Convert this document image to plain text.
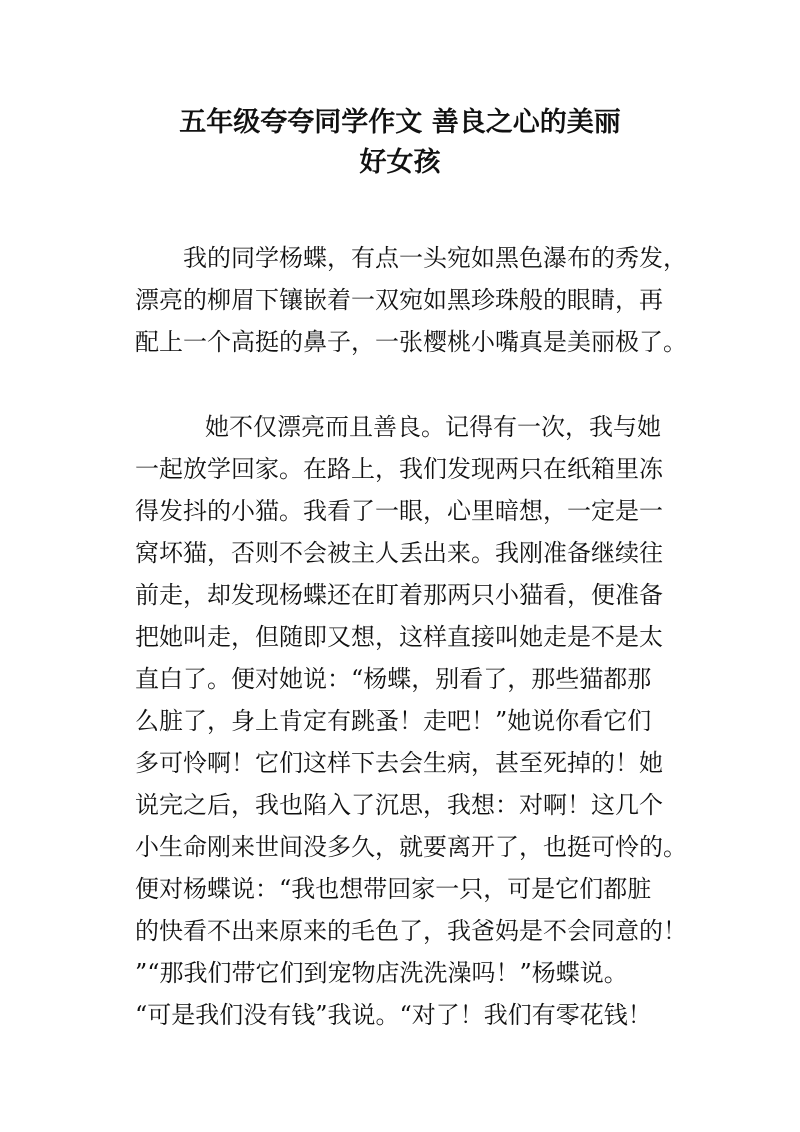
五年级夸夸同学作文 善良之心的美丽
好女孩

我的同学杨蝶，有点一头宛如黑色瀑布的秀发，

漂亮的柳眉下镶嵌着一双宛如黑珍珠般的眼睛，再

配上一个高挺的鼻子，一张樱桃小嘴真是美丽极了。

她不仅漂亮而且善良。记得有一次，我与她

一起放学回家。在路上，我们发现两只在纸箱里冻

得发抖的小猫。我看了一眼，心里暗想，一定是一

窝坏猫，否则不会被主人丢出来。我刚准备继续往

前走，却发现杨蝶还在盯着那两只小猫看，便准备

把她叫走，但随即又想，这样直接叫她走是不是太

直白了。便对她说：“杨蝶，别看了，那些猫都那

么脏了，身上肯定有跳蚤！走吧！”她说你看它们

多可怜啊！它们这样下去会生病，甚至死掉的！她

说完之后，我也陷入了沉思，我想：对啊！这几个

小生命刚来世间没多久，就要离开了，也挺可怜的。

便对杨蝶说：“我也想带回家一只，可是它们都脏

的快看不出来原来的毛色了，我爸妈是不会同意的！

”“那我们带它们到宠物店洗洗澡吗！”杨蝶说。

“可是我们没有钱”我说。“对了！我们有零花钱！
